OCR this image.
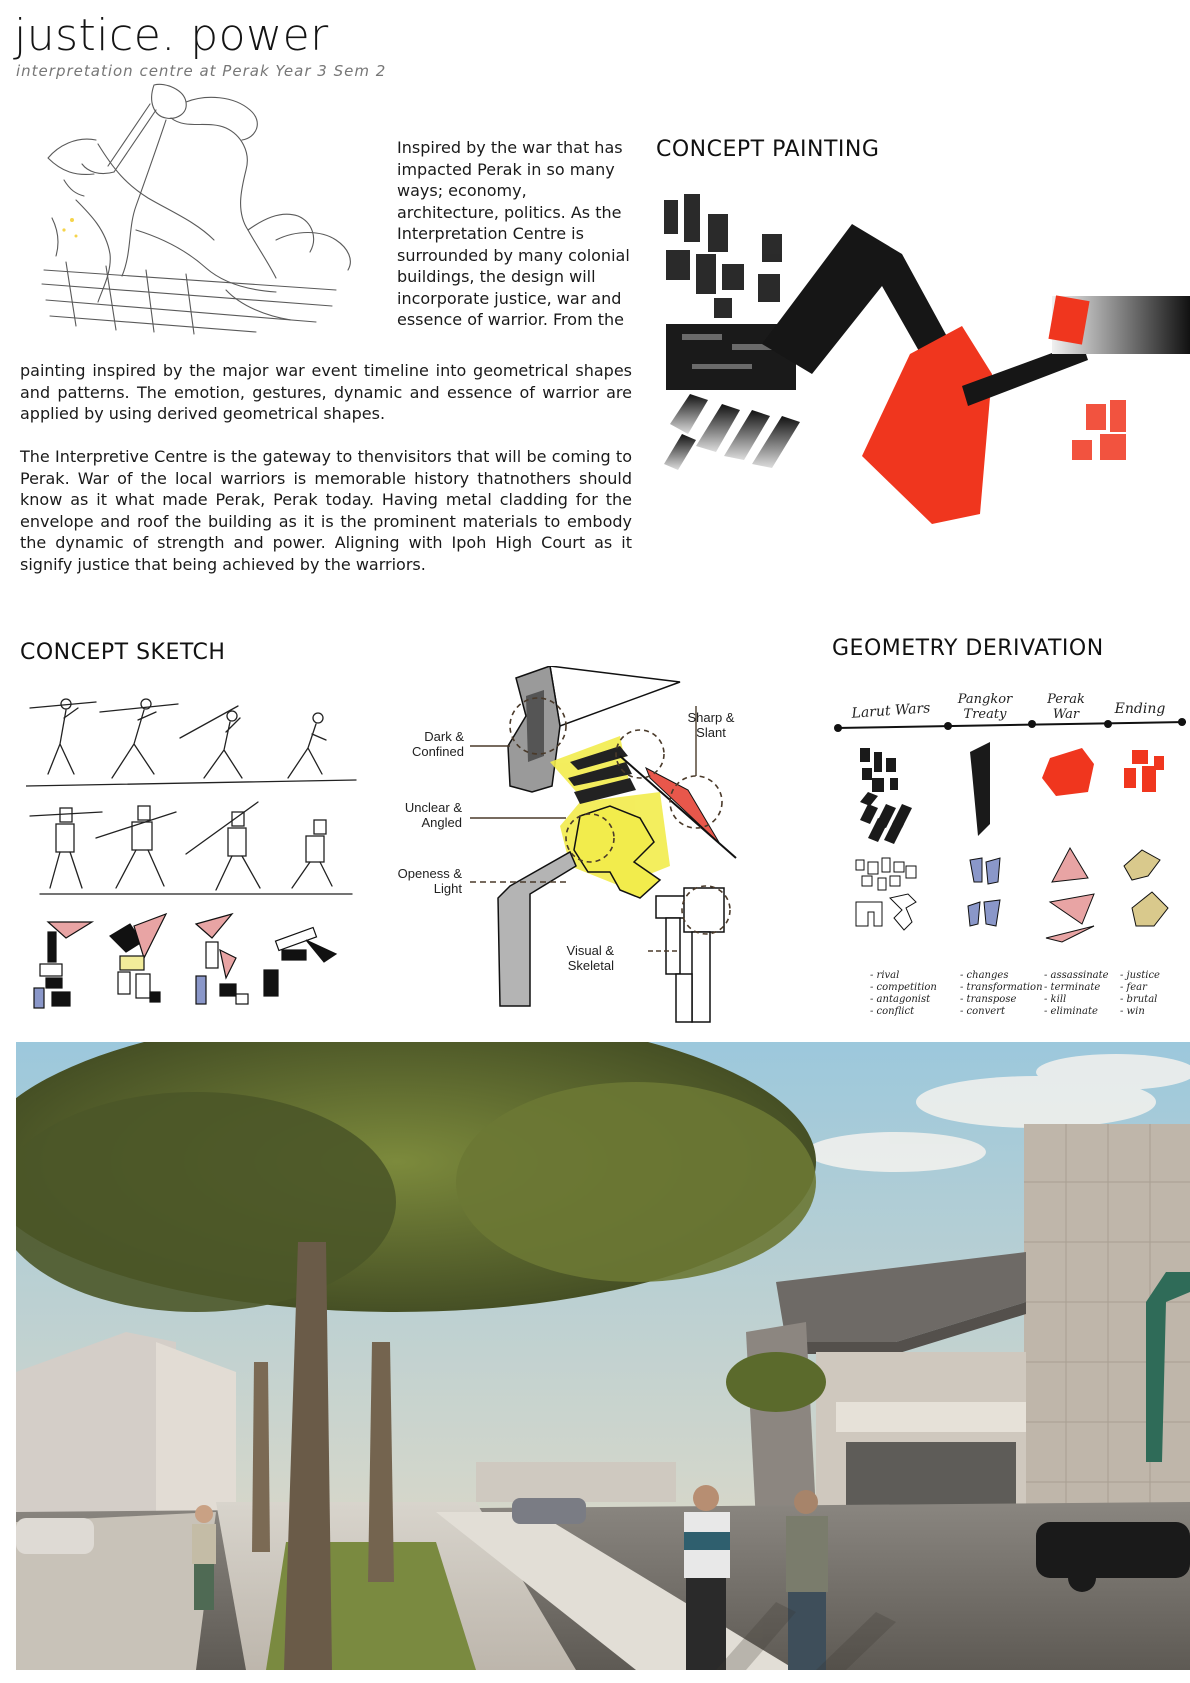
justice. power
interpretation centre at Perak Year 3 Sem 2
Inspired by the war that has impacted Perak in so many ways; economy, architecture, politics. As the Interpretation Centre is surrounded by many colonial buildings, the design will incorporate justice, war and essence of warrior. From the
painting inspired by the major war event timeline into geometrical shapes and patterns. The emotion, gestures, dynamic and essence of warrior are applied by using derived geometrical shapes.
The Interpretive Centre is the gateway to thenvisitors that will be coming to Perak. War of the local warriors is memorable history thatnothers should know as it what made Perak, Perak today. Having metal cladding for the envelope and roof the building as it is the prominent materials to embody the dynamic of strength and power. Aligning with Ipoh High Court as it signify justice that being achieved by the warriors.
CONCEPT PAINTING
CONCEPT SKETCH
Dark & Confined
Unclear & Angled
Openess & Light
Visual & Skeletal
Sharp & Slant
GEOMETRY DERIVATION
Larut Wars
Pangkor Treaty
Perak War	Ending
- rival
- competition
- antagonist
- conflict
- changes
- transformation
- transpose
- convert
- assassinate
- terminate
- kill
- eliminate
- justice
- fear
- brutal
- win
